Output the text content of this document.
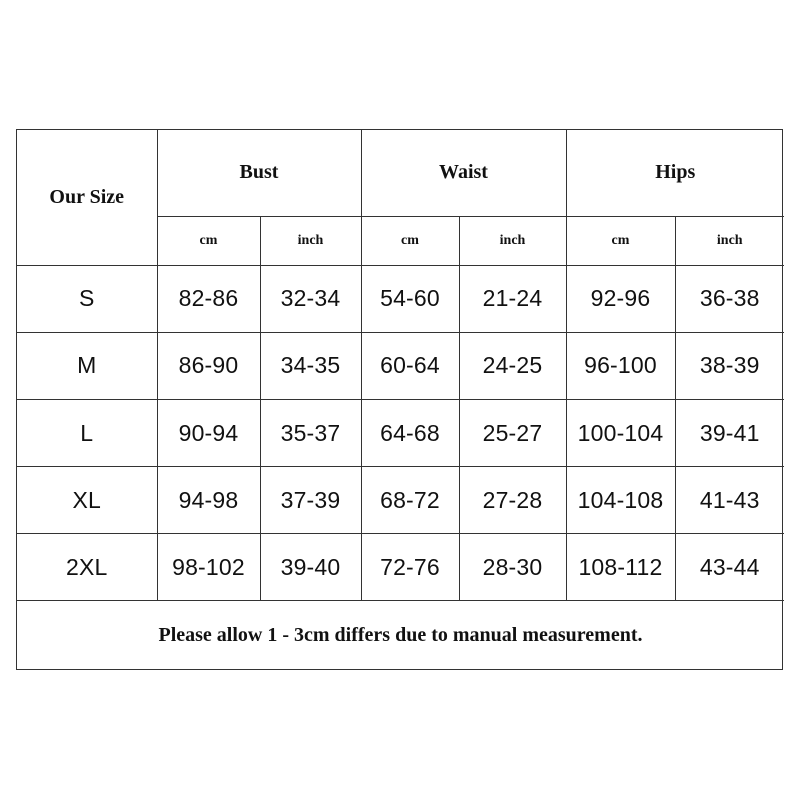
Our Size	Bust		Waist		Hips	
	cm	inch	cm	inch	cm	inch
S	82-86	32-34	54-60	21-24	92-96	36-38
M	86-90	34-35	60-64	24-25	96-100	38-39
L	90-94	35-37	64-68	25-27	100-104	39-41
XL	94-98	37-39	68-72	27-28	104-108	41-43
2XL	98-102	39-40	72-76	28-30	108-112	43-44
Please allow 1 - 3cm differs due to manual measurement.						
